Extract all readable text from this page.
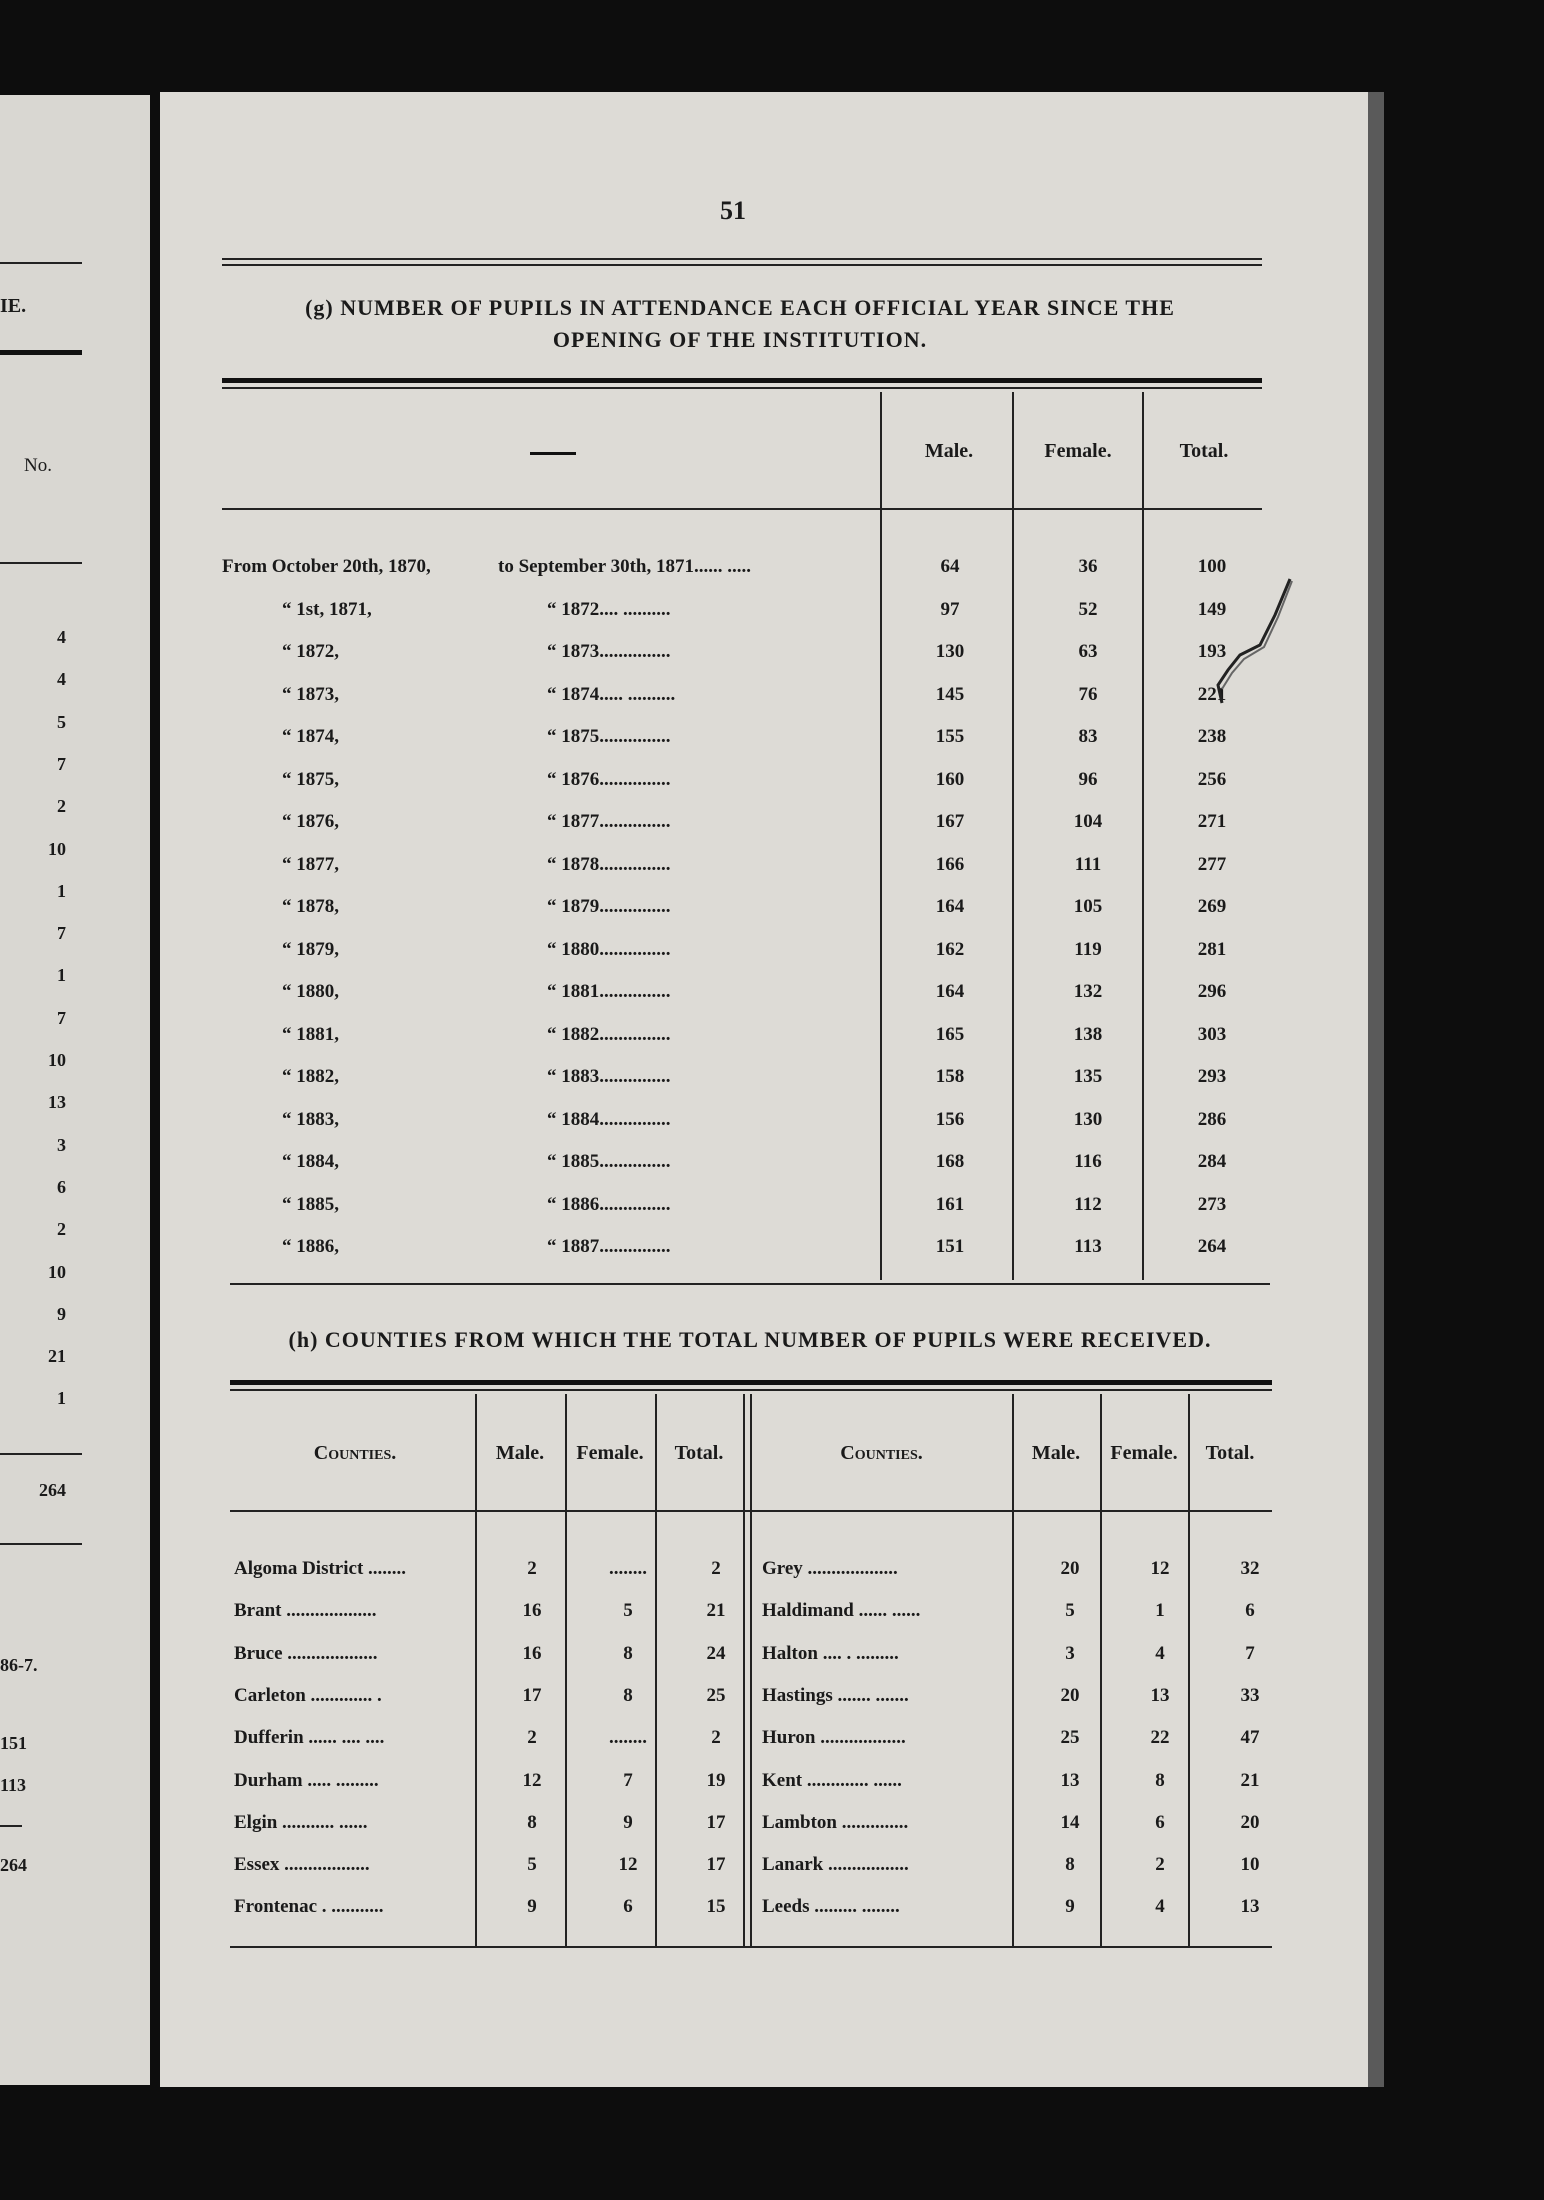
IE.
No.
4
4
5
7
2
10
1
7
1
7
10
13
3
6
2
10
9
21
1
264
86-7.
151
113
264
51
(g) NUMBER OF PUPILS IN ATTENDANCE EACH OFFICIAL YEAR SINCE THE
OPENING OF THE INSTITUTION.
Male.	Female.	Total.
From October 20th, 1870,	to September 30th, 1871...... .....	64	36	100
“ 1st, 1871,	“ 1872.... ..........	97	52	149
“ 1872,	“ 1873...............	130	63	193
“ 1873,	“ 1874..... ..........	145	76	221
“ 1874,	“ 1875...............	155	83	238
“ 1875,	“ 1876...............	160	96	256
“ 1876,	“ 1877...............	167	104	271
“ 1877,	“ 1878...............	166	111	277
“ 1878,	“ 1879...............	164	105	269
“ 1879,	“ 1880...............	162	119	281
“ 1880,	“ 1881...............	164	132	296
“ 1881,	“ 1882...............	165	138	303
“ 1882,	“ 1883...............	158	135	293
“ 1883,	“ 1884...............	156	130	286
“ 1884,	“ 1885...............	168	116	284
“ 1885,	“ 1886...............	161	112	273
“ 1886,	“ 1887...............	151	113	264
(h) COUNTIES FROM WHICH THE TOTAL NUMBER OF PUPILS WERE RECEIVED.
Counties.	Male.	Female.	Total.	Counties.	Male.	Female.	Total.
Algoma District ........	2	........	2
Brant ...................	16	5	21
Bruce ...................	16	8	24
Carleton ............. .	17	8	25
Dufferin ...... .... ....	2	........	2
Durham ..... .........	12	7	19
Elgin ........... ......	8	9	17
Essex ..................	5	12	17
Frontenac . ...........	9	6	15
Grey ...................	20	12	32
Haldimand ...... ......	5	1	6
Halton .... . .........	3	4	7
Hastings ....... .......	20	13	33
Huron ..................	25	22	47
Kent ............. ......	13	8	21
Lambton ..............	14	6	20
Lanark .................	8	2	10
Leeds ......... ........	9	4	13
